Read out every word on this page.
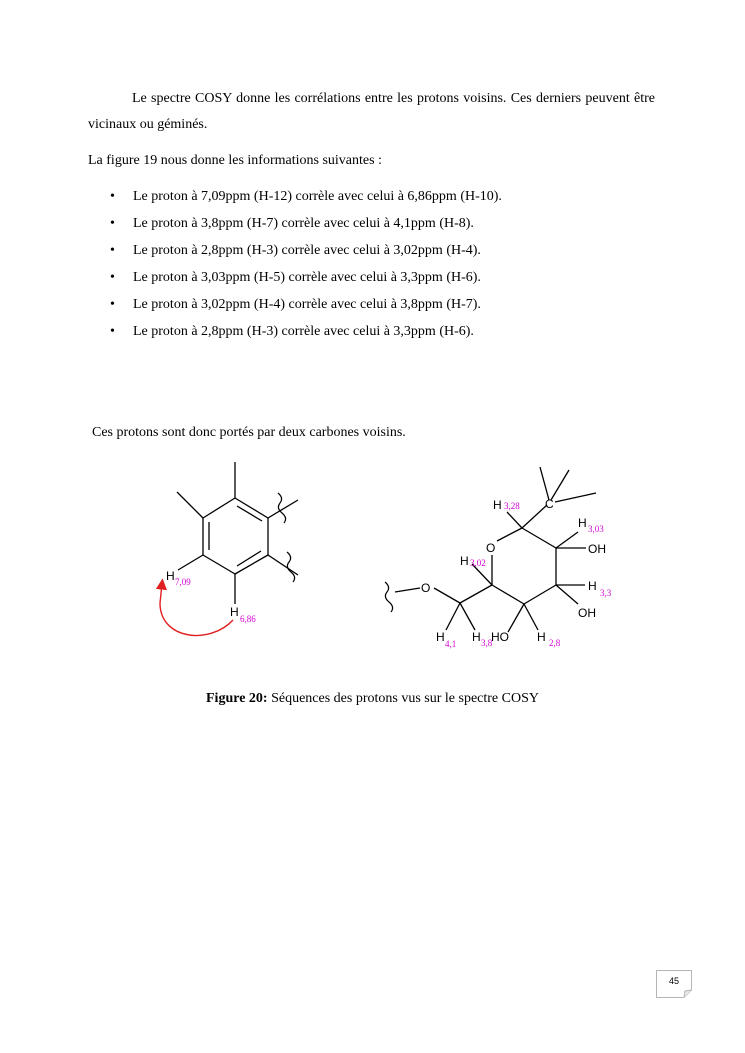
Le spectre COSY donne les corrélations entre les protons voisins. Ces derniers peuvent être vicinaux ou géminés.

La figure 19 nous donne les informations suivantes :

• Le proton à 7,09ppm (H-12) corrèle avec celui à 6,86ppm (H-10).
• Le proton à 3,8ppm (H-7) corrèle avec celui à 4,1ppm (H-8).
• Le proton à 2,8ppm (H-3) corrèle avec celui à 3,02ppm (H-4).
• Le proton à 3,03ppm (H-5) corrèle avec celui à 3,3ppm (H-6).
• Le proton à 3,02ppm (H-4) corrèle avec celui à 3,8ppm (H-7).
• Le proton à 2,8ppm (H-3) corrèle avec celui à 3,3ppm (H-6).

Ces protons sont donc portés par deux carbones voisins.

H 7,09
H 6,86
O
O
C
OH
OH
HO
H 3,28
H 3,03
H 3,02
H 3,3
H 4,1 H 3,8	H 2,8
Figure 20: Séquences des protons vus sur le spectre COSY
45
